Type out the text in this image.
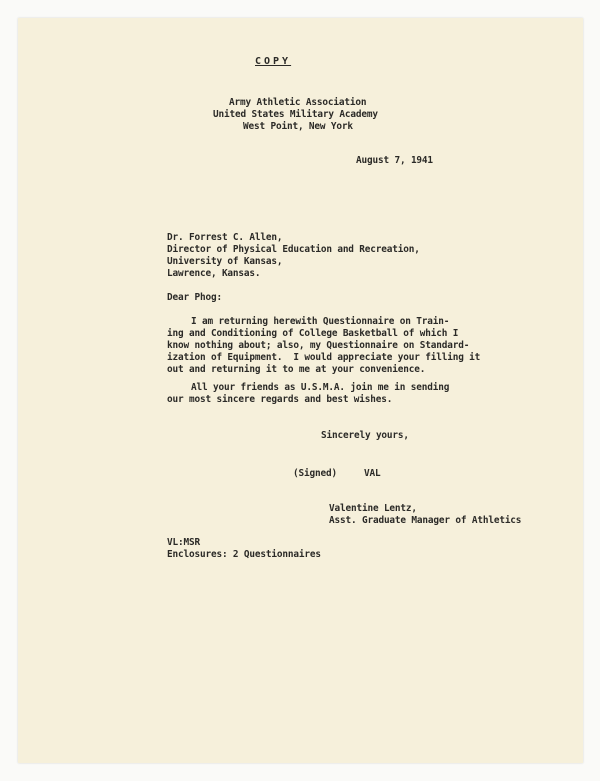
COPY
Army Athletic Association
United States Military Academy
West Point, New York
August 7, 1941
Dr. Forrest C. Allen,
Director of Physical Education and Recreation,
University of Kansas,
Lawrence, Kansas.
Dear Phog:
I am returning herewith Questionnaire on Train-
ing and Conditioning of College Basketball of which I
know nothing about; also, my Questionnaire on Standard-
ization of Equipment.  I would appreciate your filling it
out and returning it to me at your convenience.
All your friends as U.S.M.A. join me in sending
our most sincere regards and best wishes.
Sincerely yours,
(Signed)	VAL
Valentine Lentz,
Asst. Graduate Manager of Athletics
VL:MSR
Enclosures: 2 Questionnaires
